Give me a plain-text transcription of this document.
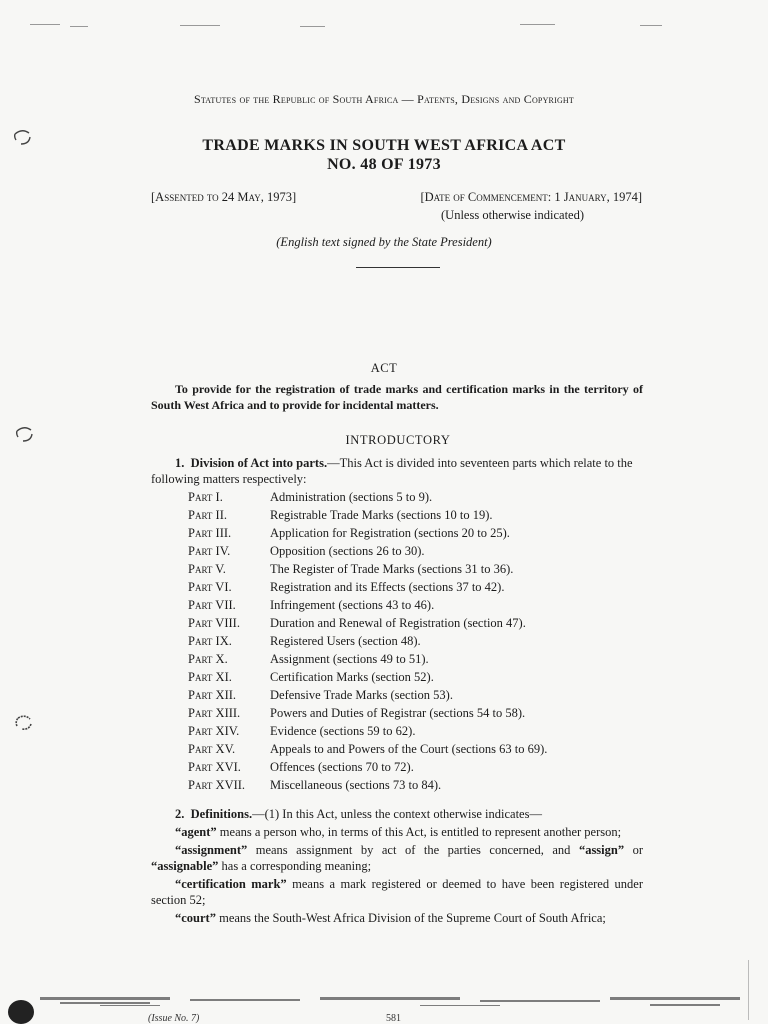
Statutes of the Republic of South Africa — Patents, Designs and Copyright
TRADE MARKS IN SOUTH WEST AFRICA ACT
NO. 48 OF 1973
[Assented to 24 May, 1973]	[Date of Commencement: 1 January, 1974]
(Unless otherwise indicated)
(English text signed by the State President)
ACT
To provide for the registration of trade marks and certification marks in the territory of South West Africa and to provide for incidental matters.
INTRODUCTORY
1. Division of Act into parts.—This Act is divided into seventeen parts which relate to the following matters respectively:
Part I.	Administration (sections 5 to 9).
Part II.	Registrable Trade Marks (sections 10 to 19).
Part III.	Application for Registration (sections 20 to 25).
Part IV.	Opposition (sections 26 to 30).
Part V.	The Register of Trade Marks (sections 31 to 36).
Part VI.	Registration and its Effects (sections 37 to 42).
Part VII.	Infringement (sections 43 to 46).
Part VIII. Duration and Renewal of Registration (section 47).
Part IX.	Registered Users (section 48).
Part X.	Assignment (sections 49 to 51).
Part XI.	Certification Marks (section 52).
Part XII.	Defensive Trade Marks (section 53).
Part XIII. Powers and Duties of Registrar (sections 54 to 58).
Part XIV. Evidence (sections 59 to 62).
Part XV.	Appeals to and Powers of the Court (sections 63 to 69).
Part XVI. Offences (sections 70 to 72).
Part XVII. Miscellaneous (sections 73 to 84).

2. Definitions.—(1) In this Act, unless the context otherwise indicates—

“agent” means a person who, in terms of this Act, is entitled to represent another person;

“assignment” means assignment by act of the parties concerned, and “assign” or “assignable” has a corresponding meaning;

“certification mark” means a mark registered or deemed to have been registered under section 52;

“court” means the South-West Africa Division of the Supreme Court of South Africa;

(Issue No. 7)	581
